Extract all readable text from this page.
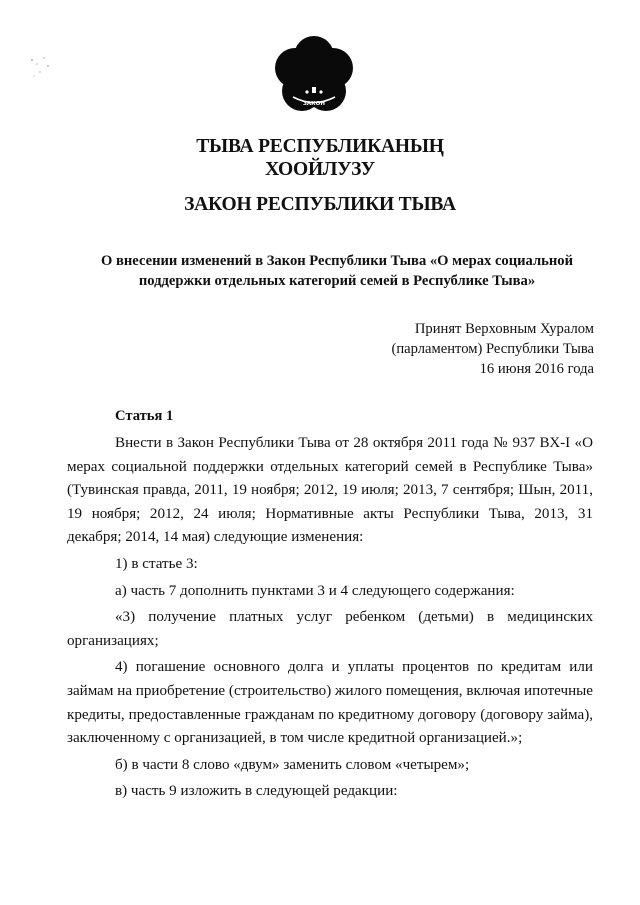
ЗАКОН
ТЫВА РЕСПУБЛИКАНЫҢ
ХООЙЛУЗУ
ЗАКОН РЕСПУБЛИКИ ТЫВА
О внесении изменений в Закон Республики Тыва «О мерах социальной
поддержки отдельных категорий семей в Республике Тыва»
Принят Верховным Хуралом
(парламентом) Республики Тыва
16 июня 2016 года
Статья 1

Внести в Закон Республики Тыва от 28 октября 2011 года № 937 ВХ-I «О мерах социальной поддержки отдельных категорий семей в Республике Тыва» (Тувинская правда, 2011, 19 ноября; 2012, 19 июля; 2013, 7 сентября; Шын, 2011, 19 ноября; 2012, 24 июля; Нормативные акты Республики Тыва, 2013, 31 декабря; 2014, 14 мая) следующие изменения:

1) в статье 3:

а) часть 7 дополнить пунктами 3 и 4 следующего содержания:

«3) получение платных услуг ребенком (детьми) в медицинских организациях;

4) погашение основного долга и уплаты процентов по кредитам или займам на приобретение (строительство) жилого помещения, включая ипотечные кредиты, предоставленные гражданам по кредитному договору (договору займа), заключенному с организацией, в том числе кредитной организацией.»;

б) в части 8 слово «двум» заменить словом «четырем»;

в) часть 9 изложить в следующей редакции:
